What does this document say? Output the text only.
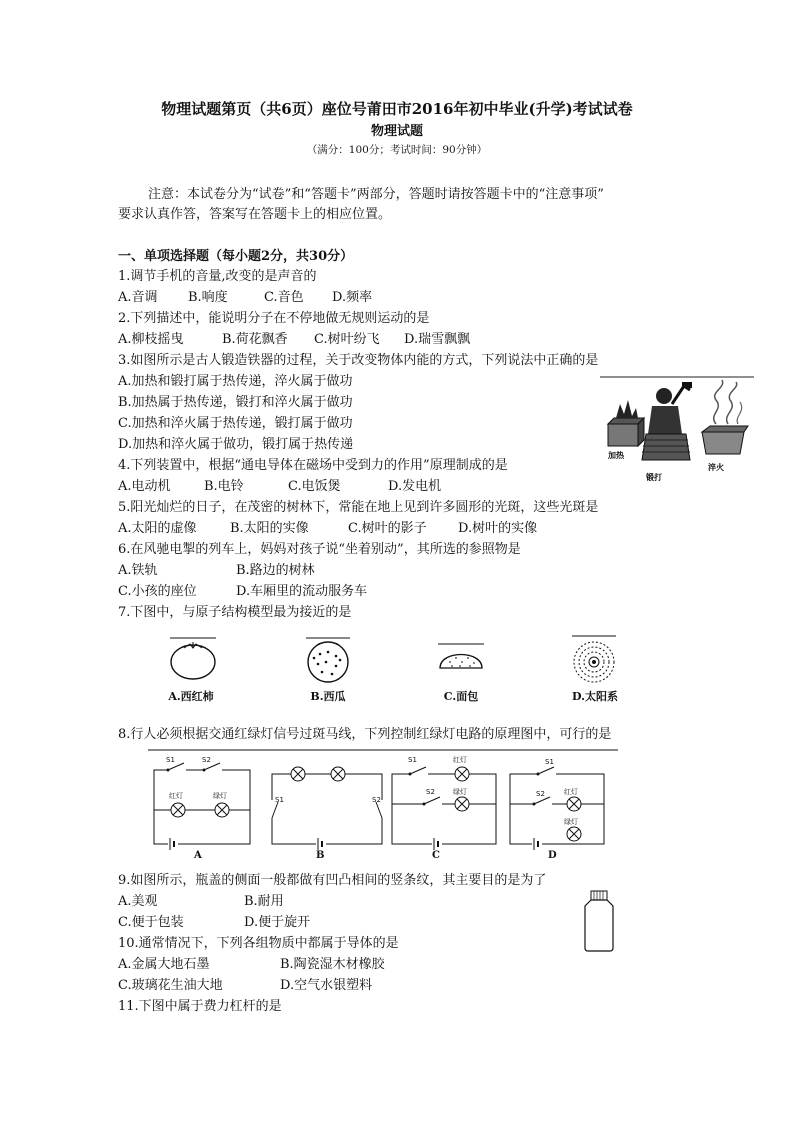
物理试题第页（共6页）座位号莆田市2016年初中毕业(升学)考试试卷
物理试题
（满分：100分；考试时间：90分钟）
注意：本试卷分为“试卷”和“答题卡”两部分，答题时请按答题卡中的“注意事项”
要求认真作答，答案写在答题卡上的相应位置。
一、单项选择题（每小题2分，共30分）
1.调节手机的音量,改变的是声音的
A.音调 B.响度	C.音色 D.频率
2.下列描述中，能说明分子在不停地做无规则运动的是
A.柳枝摇曳	B.荷花飘香 C.树叶纷飞 D.瑞雪飘飘
3.如图所示是古人锻造铁器的过程，关于改变物体内能的方式，下列说法中正确的是
A.加热和锻打属于热传递，淬火属于做功
B.加热属于热传递，锻打和淬火属于做功
C.加热和淬火属于热传递，锻打属于做功
D.加热和淬火属于做功，锻打属于热传递
加热
锻打
淬火
4.下列装置中，根据“通电导体在磁场中受到力的作用”原理制成的是
A.电动机	B.电铃	C.电饭煲	D.发电机
5.阳光灿烂的日子，在茂密的树林下，常能在地上见到许多圆形的光斑，这些光斑是
A.太阳的虚像	B.太阳的实像	C.树叶的影子 D.树叶的实像
6.在风驰电掣的列车上，妈妈对孩子说“坐着别动”，其所选的参照物是
A.铁轨	B.路边的树林
C.小孩的座位	D.车厢里的流动服务车
7.下图中，与原子结构模型最为接近的是
A.西红柿	B.西瓜	C.面包	D.太阳系
8.行人必须根据交通红绿灯信号过斑马线，下列控制红绿灯电路的原理图中，可行的是
S1	S2
红灯	绿灯	S1	S2
S1	红灯
S2	绿灯
S1
S2	红灯
绿灯
A	B	C	D
9.如图所示，瓶盖的侧面一般都做有凹凸相间的竖条纹，其主要目的是为了
A.美观	B.耐用
C.便于包装	D.便于旋开
10.通常情况下，下列各组物质中都属于导体的是
A.金属大地石墨	B.陶瓷湿木材橡胶
C.玻璃花生油大地	D.空气水银塑料
11.下图中属于费力杠杆的是
